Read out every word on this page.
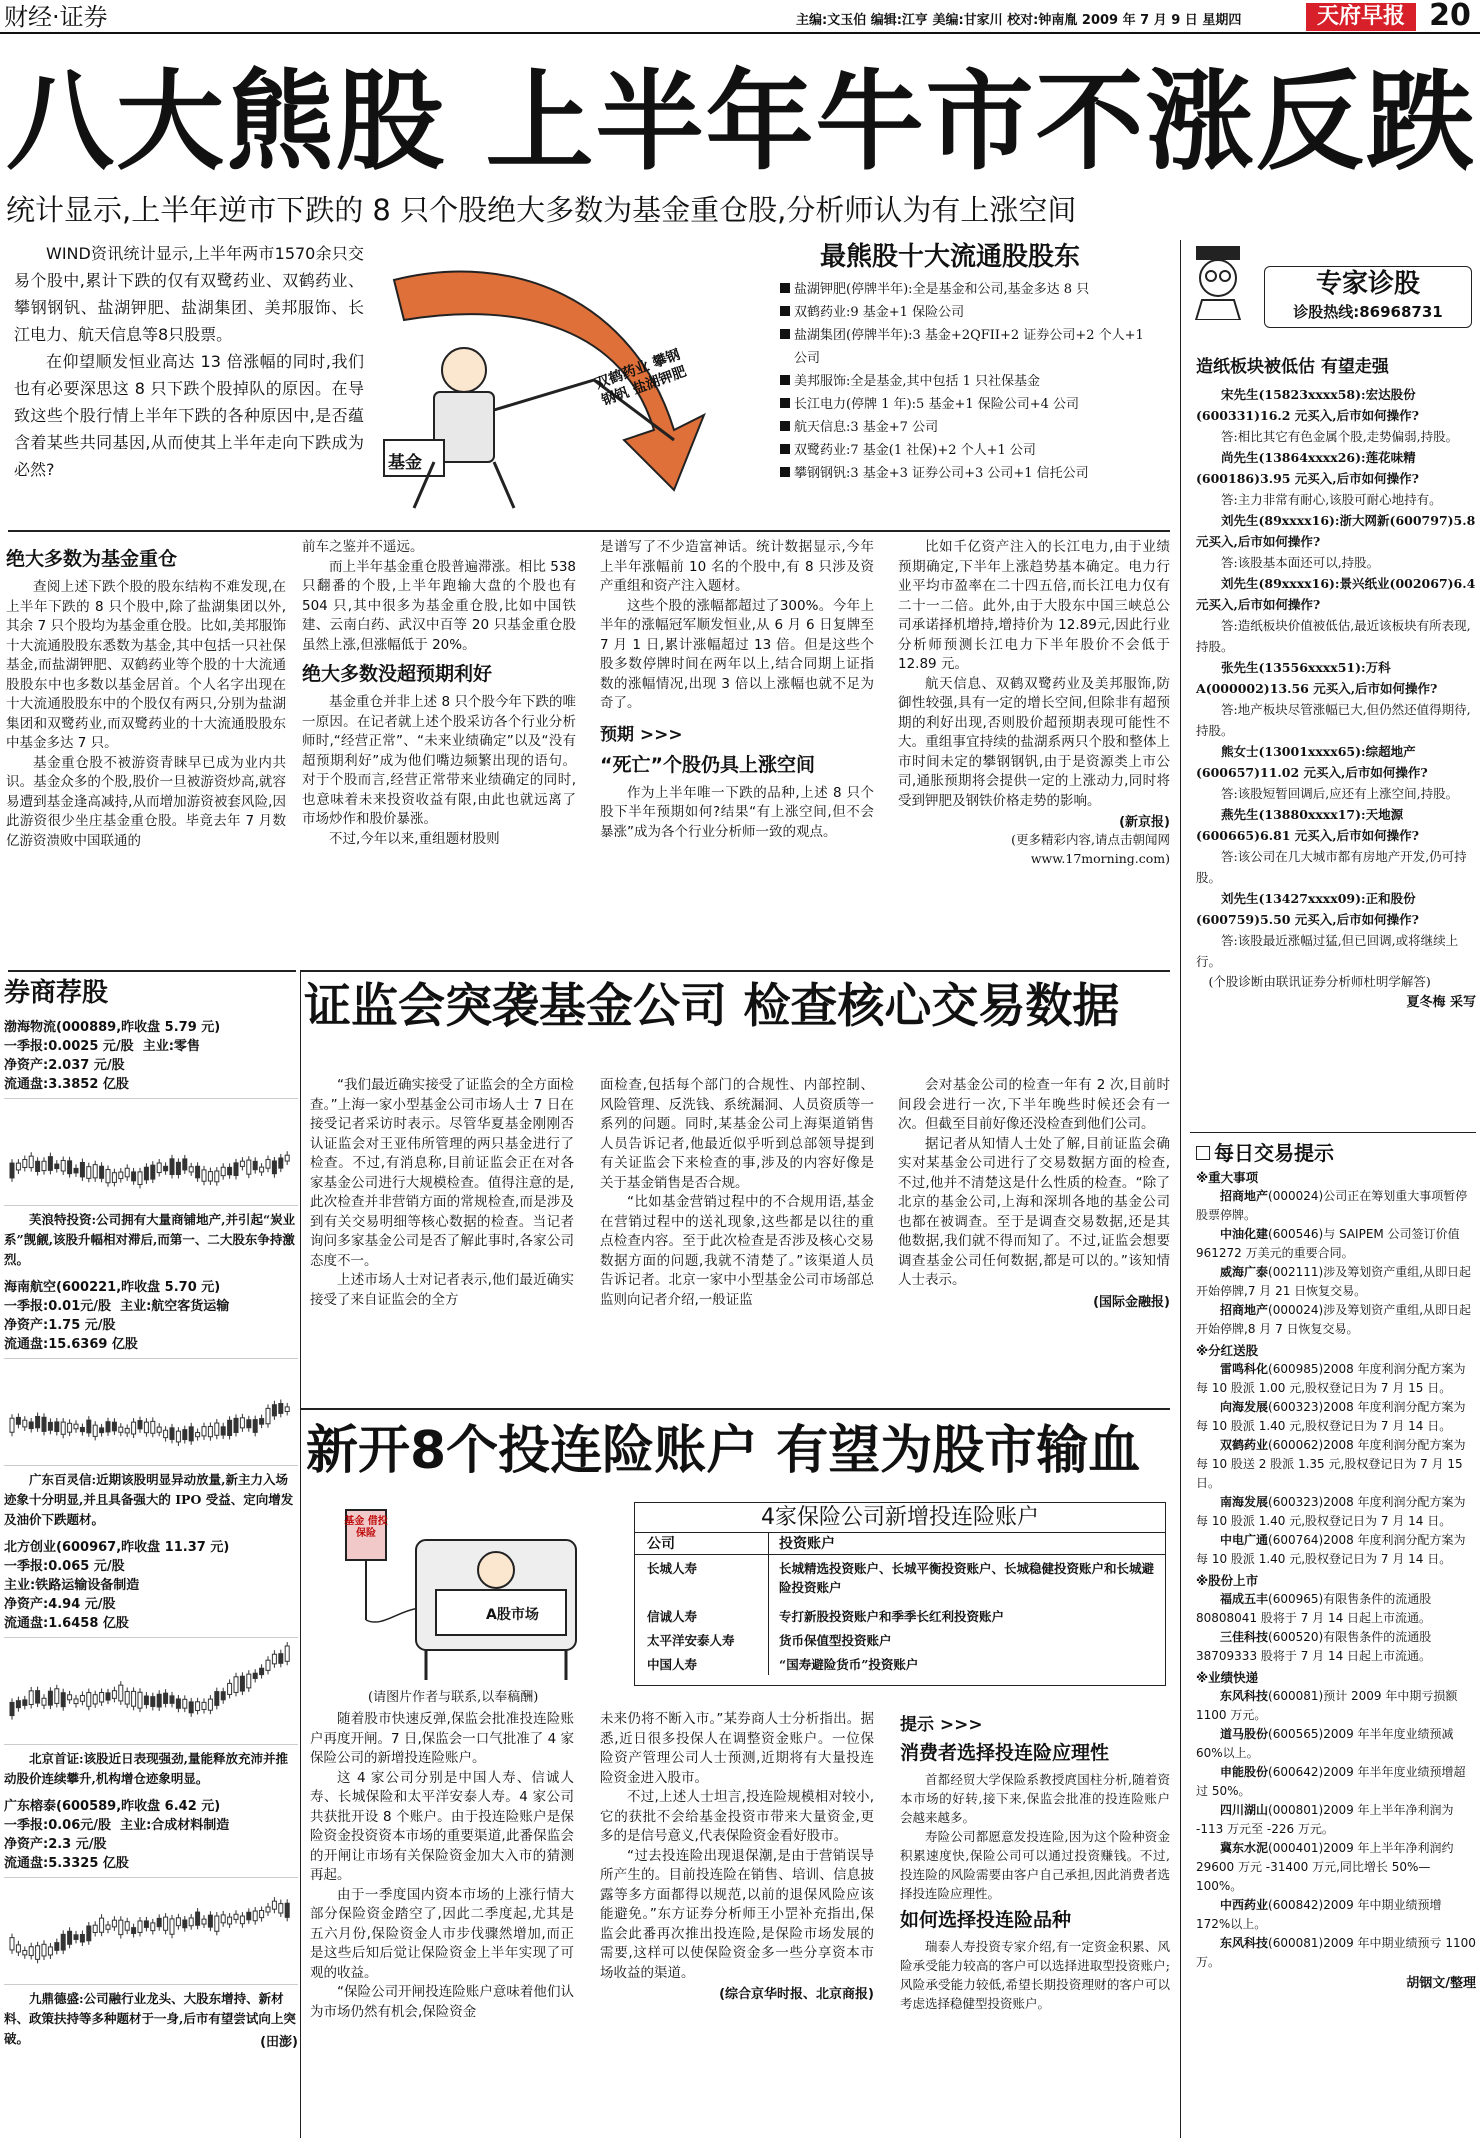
财经·证券	主编:文玉伯 编辑:江亨 美编:甘家川 校对:钟南胤 2009 年 7 月 9 日 星期四	天府早报 20
八大熊股 上半年牛市不涨反跌
统计显示,上半年逆市下跌的 8 只个股绝大多数为基金重仓股,分析师认为有上涨空间

WIND资讯统计显示,上半年两市1570余只交易个股中,累计下跌的仅有双鹭药业、双鹤药业、攀钢钢钒、盐湖钾肥、盐湖集团、美邦服饰、长江电力、航天信息等8只股票。

在仰望顺发恒业高达 13 倍涨幅的同时,我们也有必要深思这 8 只下跌个股掉队的原因。在导致这些个股行情上半年下跌的各种原因中,是否蕴含着某些共同基因,从而使其上半年走向下跌成为必然?	基金
双鹤药业 攀钢钢钒 盐湖钾肥
最熊股十大流通股股东
盐湖钾肥(停牌半年):全是基金和公司,基金多达 8 只
双鹤药业:9 基金+1 保险公司
盐湖集团(停牌半年):3 基金+2QFII+2 证券公司+2 个人+1 公司
美邦服饰:全是基金,其中包括 1 只社保基金
长江电力(停牌 1 年):5 基金+1 保险公司+4 公司
航天信息:3 基金+7 公司
双鹭药业:7 基金(1 社保)+2 个人+1 公司
攀钢钢钒:3 基金+3 证券公司+3 公司+1 信托公司
绝大多数为基金重仓

查阅上述下跌个股的股东结构不难发现,在上半年下跌的 8 只个股中,除了盐湖集团以外,其余 7 只个股均为基金重仓股。比如,美邦服饰十大流通股股东悉数为基金,其中包括一只社保基金,而盐湖钾肥、双鹤药业等个股的十大流通股股东中也多数以基金居首。个人名字出现在十大流通股股东中的个股仅有两只,分别为盐湖集团和双鹭药业,而双鹭药业的十大流通股股东中基金多达 7 只。

基金重仓股不被游资青睐早已成为业内共识。基金众多的个股,股价一旦被游资炒高,就容易遭到基金逢高减持,从而增加游资被套风险,因此游资很少坐庄基金重仓股。毕竟去年 7 月数亿游资溃败中国联通的

前车之鉴并不遥远。

而上半年基金重仓股普遍滞涨。相比 538 只翻番的个股,上半年跑输大盘的个股也有 504 只,其中很多为基金重仓股,比如中国铁建、云南白药、武汉中百等 20 只基金重仓股虽然上涨,但涨幅低于 20%。

绝大多数没超预期利好

基金重仓并非上述 8 只个股今年下跌的唯一原因。在记者就上述个股采访各个行业分析师时,“经营正常”、“未来业绩确定”以及“没有超预期利好”成为他们嘴边频繁出现的语句。对于个股而言,经营正常带来业绩确定的同时,也意味着未来投资收益有限,由此也就远离了市场炒作和股价暴涨。

不过,今年以来,重组题材股则

是谱写了不少造富神话。统计数据显示,今年上半年涨幅前 10 名的个股中,有 8 只涉及资产重组和资产注入题材。

这些个股的涨幅都超过了300%。今年上半年的涨幅冠军顺发恒业,从 6 月 6 日复牌至 7 月 1 日,累计涨幅超过 13 倍。但是这些个股多数停牌时间在两年以上,结合同期上证指数的涨幅情况,出现 3 倍以上涨幅也就不足为奇了。

预期 >>>
“死亡”个股仍具上涨空间

作为上半年唯一下跌的品种,上述 8 只个股下半年预期如何?结果“有上涨空间,但不会暴涨”成为各个行业分析师一致的观点。

比如千亿资产注入的长江电力,由于业绩预期确定,下半年上涨趋势基本确定。电力行业平均市盈率在二十四五倍,而长江电力仅有二十一二倍。此外,由于大股东中国三峡总公司承诺择机增持,增持价为 12.89元,因此行业分析师预测长江电力下半年股价不会低于 12.89 元。

航天信息、双鹤双鹭药业及美邦服饰,防御性较强,具有一定的增长空间,但除非有超预期的利好出现,否则股价超预期表现可能性不大。重组事宜持续的盐湖系两只个股和整体上市时间未定的攀钢钢钒,由于是资源类上市公司,通胀预期将会提供一定的上涨动力,同时将受到钾肥及钢铁价格走势的影响。

(新京报)
(更多精彩内容,请点击朝闻网 www.17morning.com)
券商荐股
渤海物流(000889,昨收盘 5.79 元)
一季报:0.0025 元/股  主业:零售
净资产:2.037 元/股
流通盘:3.3852 亿股
芙浪特投资:公司拥有大量商铺地产,并引起“炭业系”觊觎,该股升幅相对滞后,而第一、二大股东争持激烈。
海南航空(600221,昨收盘 5.70 元)
一季报:0.01元/股  主业:航空客货运输
净资产:1.75 元/股
流通盘:15.6369 亿股
广东百灵信:近期该股明显异动放量,新主力入场迹象十分明显,并且具备强大的 IPO 受益、定向增发及油价下跌题材。
北方创业(600967,昨收盘 11.37 元)
一季报:0.065 元/股
主业:铁路运输设备制造
净资产:4.94 元/股
流通盘:1.6458 亿股
北京首证:该股近日表现强劲,量能释放充沛并推动股价连续攀升,机构增仓迹象明显。
广东榕泰(600589,昨收盘 6.42 元)
一季报:0.06元/股  主业:合成材料制造
净资产:2.3 元/股
流通盘:5.3325 亿股
九鼎德盛:公司融行业龙头、大股东增持、新材料、政策扶持等多种题材于一身,后市有望尝试向上突破。	(田澎)
证监会突袭基金公司 检查核心交易数据

“我们最近确实接受了证监会的全方面检查。”上海一家小型基金公司市场人士 7 日在接受记者采访时表示。尽管华夏基金刚刚否认证监会对王亚伟所管理的两只基金进行了检查。不过,有消息称,目前证监会正在对各家基金公司进行大规模检查。值得注意的是,此次检查并非营销方面的常规检查,而是涉及到有关交易明细等核心数据的检查。当记者询问多家基金公司是否了解此事时,各家公司态度不一。

上述市场人士对记者表示,他们最近确实接受了来自证监会的全方

面检查,包括每个部门的合规性、内部控制、风险管理、反洗钱、系统漏洞、人员资质等一系列的问题。同时,某基金公司上海渠道销售人员告诉记者,他最近似乎听到总部领导提到有关证监会下来检查的事,涉及的内容好像是关于基金销售是否合规。

“比如基金营销过程中的不合规用语,基金在营销过程中的送礼现象,这些都是以往的重点检查内容。至于此次检查是否涉及核心交易数据方面的问题,我就不清楚了。”该渠道人员告诉记者。北京一家中小型基金公司市场部总监则向记者介绍,一般证监

会对基金公司的检查一年有 2 次,目前时间段会进行一次,下半年晚些时候还会有一次。但截至目前好像还没检查到他们公司。

据记者从知情人士处了解,目前证监会确实对某基金公司进行了交易数据方面的检查,不过,他并不清楚这是什么性质的检查。“除了北京的基金公司,上海和深圳各地的基金公司也都在被调查。至于是调查交易数据,还是其他数据,我们就不得而知了。不过,证监会想要调查基金公司任何数据,都是可以的。”该知情人士表示。

(国际金融报)
新开8个投连险账户 有望为股市输血
基金 借投 保险
A股市场
(请图片作者与联系,以奉稿酬)
4家保险公司新增投连险账户
公司	投资账户
长城人寿	长城精选投资账户、长城平衡投资账户、长城稳健投资账户和长城避险投资账户
信诚人寿	专打新股投资账户和季季长红利投资账户
太平洋安泰人寿	货币保值型投资账户
中国人寿	“国寿避险货币”投资账户

随着股市快速反弹,保监会批准投连险账户再度开闸。7 日,保监会一口气批准了 4 家保险公司的新增投连险账户。

这 4 家公司分别是中国人寿、信诚人寿、长城保险和太平洋安泰人寿。4 家公司共获批开设 8 个账户。由于投连险账户是保险资金投资资本市场的重要渠道,此番保监会的开闸让市场有关保险资金加大入市的猜测再起。

由于一季度国内资本市场的上涨行情大部分保险资金踏空了,因此二季度起,尤其是五六月份,保险资金人市步伐骤然增加,而正是这些后知后觉让保险资金上半年实现了可观的收益。

“保险公司开闸投连险账户意味着他们认为市场仍然有机会,保险资金

未来仍将不断入市。”某券商人士分析指出。据悉,近日很多投保人在调整资金账户。一位保险资产管理公司人士预测,近期将有大量投连险资金进入股市。

不过,上述人士坦言,投连险规模相对较小,它的获批不会给基金投资市带来大量资金,更多的是信号意义,代表保险资金看好股市。

“过去投连险出现退保潮,是由于营销误导所产生的。目前投连险在销售、培训、信息披露等多方面都得以规范,以前的退保风险应该能避免。”东方证券分析师王小罡补充指出,保监会此番再次推出投连险,是保险市场发展的需要,这样可以使保险资金多一些分享资本市场收益的渠道。

(综合京华时报、北京商报)
提示 >>>
消费者选择投连险应理性

首都经贸大学保险系教授庹国柱分析,随着资本市场的好转,接下来,保监会批准的投连险账户会越来越多。

寿险公司都愿意发投连险,因为这个险种资金积累速度快,保险公司可以通过投资赚钱。不过,投连险的风险需要由客户自己承担,因此消费者选择投连险应理性。

如何选择投连险品种

瑞泰人寿投资专家介绍,有一定资金积累、风险承受能力较高的客户可以选择进取型投资账户;风险承受能力较低,希望长期投资理财的客户可以考虑选择稳健型投资账户。

专家诊股
诊股热线:86968731
造纸板块被低估 有望走强
宋先生(15823xxxx58):宏达股份(600331)16.2 元买入,后市如何操作?
答:相比其它有色金属个股,走势偏弱,持股。
尚先生(13864xxxx26):莲花味精(600186)3.95 元买入,后市如何操作?
答:主力非常有耐心,该股可耐心地持有。
刘先生(89xxxx16):浙大网新(600797)5.8 元买入,后市如何操作?
答:该股基本面还可以,持股。
刘先生(89xxxx16):景兴纸业(002067)6.4 元买入,后市如何操作?
答:造纸板块价值被低估,最近该板块有所表现,持股。
张先生(13556xxxx51):万科 A(000002)13.56 元买入,后市如何操作?
答:地产板块尽管涨幅已大,但仍然还值得期待,持股。
熊女士(13001xxxx65):综超地产(600657)11.02 元买入,后市如何操作?
答:该股短暂回调后,应还有上涨空间,持股。
燕先生(13880xxxx17):天地源(600665)6.81 元买入,后市如何操作?
答:该公司在几大城市都有房地产开发,仍可持股。
刘先生(13427xxxx09):正和股份(600759)5.50 元买入,后市如何操作?
答:该股最近涨幅过猛,但已回调,或将继续上行。
(个股诊断由联讯证券分析师杜明学解答)
夏冬梅 采写
每日交易提示
※重大事项
招商地产(000024)公司正在筹划重大事项暂停股票停牌。
中油化建(600546)与 SAIPEM 公司签订价值 961272 万美元的重要合同。
威海广泰(002111)涉及筹划资产重组,从即日起开始停牌,7 月 21 日恢复交易。
招商地产(000024)涉及筹划资产重组,从即日起开始停牌,8 月 7 日恢复交易。
※分红送股
雷鸣科化(600985)2008 年度利润分配方案为每 10 股派 1.00 元,股权登记日为 7 月 15 日。
向海发展(600323)2008 年度利润分配方案为每 10 股派 1.40 元,股权登记日为 7 月 14 日。
双鹤药业(600062)2008 年度利润分配方案为每 10 股送 2 股派 1.35 元,股权登记日为 7 月 15 日。
南海发展(600323)2008 年度利润分配方案为每 10 股派 1.40 元,股权登记日为 7 月 14 日。
中电广通(600764)2008 年度利润分配方案为每 10 股派 1.40 元,股权登记日为 7 月 14 日。
※股份上市
福成五丰(600965)有限售条件的流通股 80808041 股将于 7 月 14 日起上市流通。
三佳科技(600520)有限售条件的流通股 38709333 股将于 7 月 14 日起上市流通。
※业绩快递
东风科技(600081)预计 2009 年中期亏损额 1100 万元。
道马股份(600565)2009 年半年度业绩预减 60%以上。
申能股份(600642)2009 年半年度业绩预增超过 50%。
四川湖山(000801)2009 年上半年净利润为 -113 万元至 -226 万元。
冀东水泥(000401)2009 年上半年净利润约 29600 万元 -31400 万元,同比增长 50%—100%。
中西药业(600842)2009 年中期业绩预增 172%以上。
东风科技(600081)2009 年中期业绩预亏 1100 万。
胡铟文/整理
